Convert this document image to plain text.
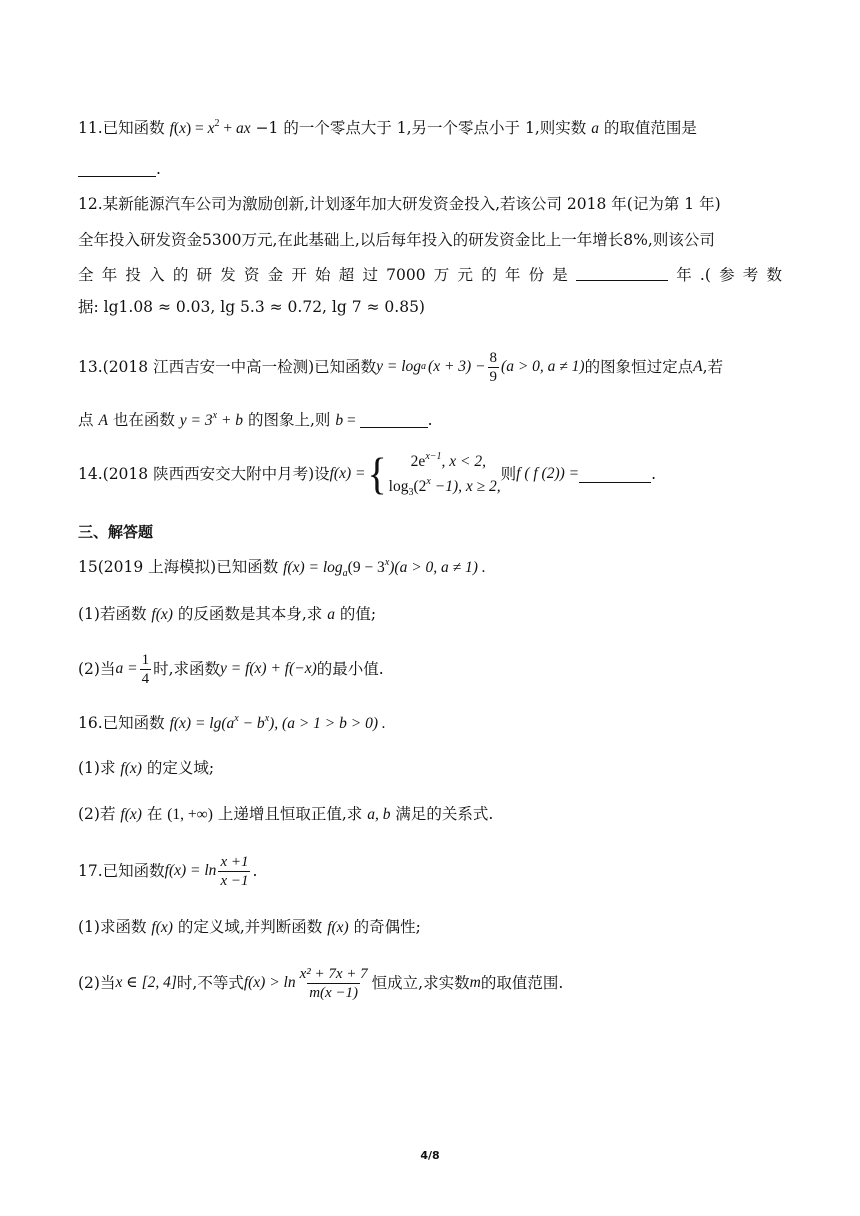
11.已知函数 $f(x) = x^2$ + ax −1 的一个零点大于 1,另一个零点小于 1,则实数 a 的取值范围是
.
12.某新能源汽车公司为激励创新,计划逐年加大研发资金投入,若该公司 2018 年(记为第 1 年)
全年投入研发资金5300万元,在此基础上,以后每年投入的研发资金比上一年增长8%,则该公司
全 年 投 入 的 研 发 资 金 开 始 超 过 7000 万 元 的 年 份 是	年 .( 参 考 数
据: lg1.08 ≈ 0.03, lg 5.3 ≈ 0.72, lg 7 ≈ 0.85)
13.(2018 江西吉安一中高一检测)已知函数 y = log a $(x + 3) - \frac{8}{9} (a > 0$, a ≠ 1) 的图象恒过定点 A ,若
点 A 也在函数 $y = 3^x + b$ 的图象上,则 b =	.
14.(2018 陕西西安交大附中月考)设 f(x) = {	$2e^{x-1}$, x < 2,
$\log_3(2^x -1)$, x ≥ 2,
则 f ( f (2)) =	.
三、解答题
15(2019 上海模拟)已知函数 $f(x) = \log_a(9 - 3^x)(a > 0$, a ≠ 1) .
(1)若函数 f(x) 的反函数是其本身,求 a 的值;
(2)当 $a = \frac{1}{4}$ 时,求函数 y = f(x) + f(−x) 的最小值.
16.已知函数 $f(x) = \lg(a^x - b^x)$, (a > 1 > b > 0) .
(1)求 f(x) 的定义域;
(2)若 f(x) 在 (1, +∞) 上递增且恒取正值,求 a, b 满足的关系式.
17.已知函数 $f(x) = \ln \frac{x +1}{x -1}$ .
(1)求函数 f(x) 的定义域,并判断函数 f(x) 的奇偶性;
(2)当 x ∈ [2, 4] 时,不等式 $f(x) > \ln \frac{\text{x² + 7x + 7}}{m(x -1)}$ 恒成立,求实数 m 的取值范围.
4/8
